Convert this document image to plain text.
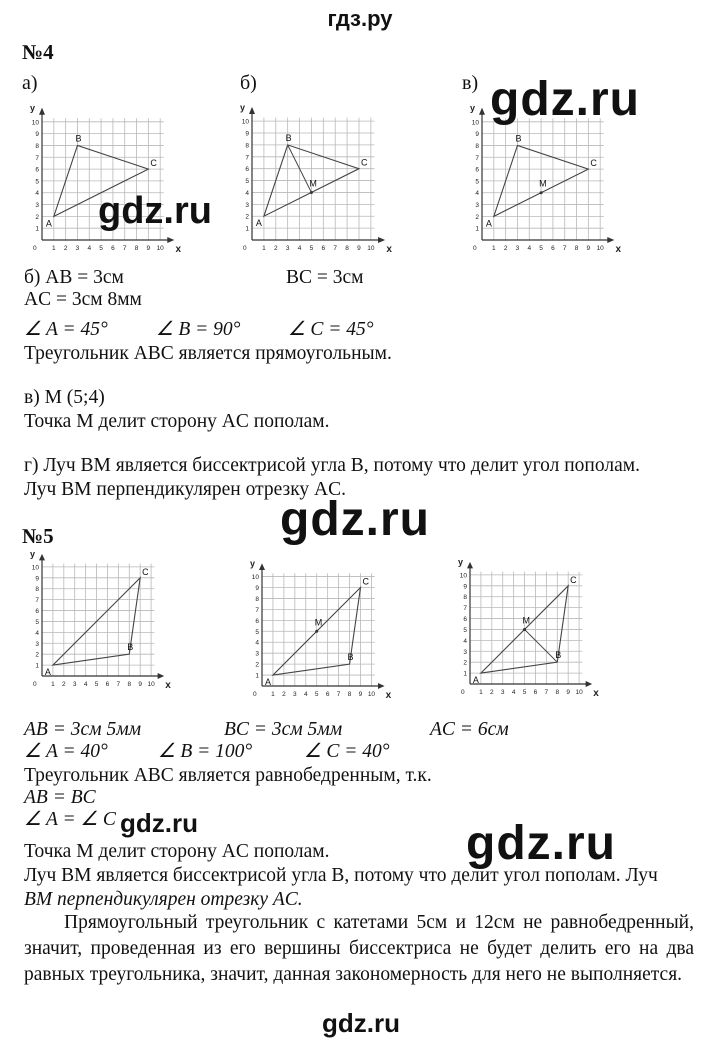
гдз.ру
№4
а)	б)	в)
y
x
0 1
1
2
2
3
3
4
4
5
5
6
6
7
7
8
8
9
9
10
10
A
B
C
y
x
0 1
1
2
2
3
3
4
4
5
5
6
6
7
7
8
8
9
9
10
10
A
B
C
M
y
x
0 1
1
2
2
3
3
4
4
5
5
6
6
7
7
8
8
9
9
10
10
A
B
C
M
б) AB = 3см	BC = 3см
AC = 3см 8мм
∠ A = 45° ∠ B = 90° ∠ C = 45°
Треугольник ABC является прямоугольным.
в) M (5;4)
Точка M делит сторону AC пополам.
г) Луч BM является биссектрисой угла B, потому что делит угол пополам.
Луч BM перпендикулярен отрезку AC.
№5
y
x
0 1
1
2
2
3
3
4
4
5
5
6
6
7
7
8
8
9
9
10
10
A
B
C
y
x
0 1
1
2
2
3
3
4
4
5
5
6
6
7
7
8
8
9
9
10
10
A
B
C
M
y
x
0 1
1
2
2
3
3
4
4
5
5
6
6
7
7
8
8
9
9
10
10
A
B
C
M
AB = 3см 5мм	BC = 3см 5мм	AC = 6см
∠ A = 40°	∠ B = 100°	∠ C = 40°
Треугольник ABC является равнобедренным, т.к.
AB = BC
∠ A = ∠ C
Точка M делит сторону AC пополам.
Луч BM является биссектрисой угла B, потому что делит угол пополам. Луч
BM перпендикулярен отрезку AC.
Прямоугольный треугольник с катетами 5см и 12см не равнобедренный, значит, проведенная из его вершины биссектриса не будет делить его на два равных треугольника, значит, данная закономерность для него не выполняется.
gdz.ru
gdz.ru
gdz.ru
gdz.ru	gdz.ru
gdz.ru
